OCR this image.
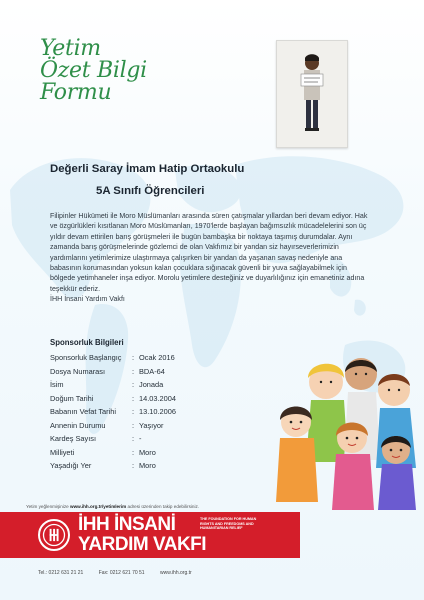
Yetim
Özet Bilgi
Formu
Değerli Saray İmam Hatip Ortaokulu
5A Sınıfı Öğrencileri

Filipinler Hükümeti ile Moro Müslümanları arasında süren çatışmalar yıllardan beri devam ediyor. Hak ve özgürlükleri kısıtlanan Moro Müslümanları, 1970'lerde başlayan bağımsızlık mücadelelerini son üç yıldır devam ettirilen barış görüşmeleri ile bugün bambaşka bir noktaya taşımış durumdalar. Aynı zamanda barış görüşmelerinde gözlemci de olan Vakfımız bir yandan siz hayırseverlerimizin yardımlarını yetimlerimize ulaştırmaya çalışırken bir yandan da yaşanan savaş nedeniyle ana babasının korumasından yoksun kalan çocuklara sığınacak güvenli bir yuva sağlayabilmek için bölgede yetimhaneler inşa ediyor. Morolu yetimlere desteğiniz ve duyarlılığınız için emanetiniz adına teşekkür ederiz.

İHH İnsani Yardım Vakfı

Sponsorluk Bilgileri
Sponsorluk Başlangıç : Ocak 2016
Dosya Numarası	: BDA-64
İsim	: Jonada
Doğum Tarihi	: 14.03.2004
Babanın Vefat Tarihi : 13.10.2006
Annenin Durumu	: Yaşıyor
Kardeş Sayısı	: -
Milliyeti	: Moro
Yaşadığı Yer	: Moro
Yetim yeğlenmişinize www.ihh.org.tr/yetimlerim adresi üzerinden takip edebilirsiniz.
İHH İNSANİ
YARDIM VAKFI
THE FOUNDATION FOR HUMAN RIGHTS AND FREEDOMS AND HUMANITARIAN RELIEF
Tel.: 0212 631 21 21	Fax: 0212 621 70 51	www.ihh.org.tr
